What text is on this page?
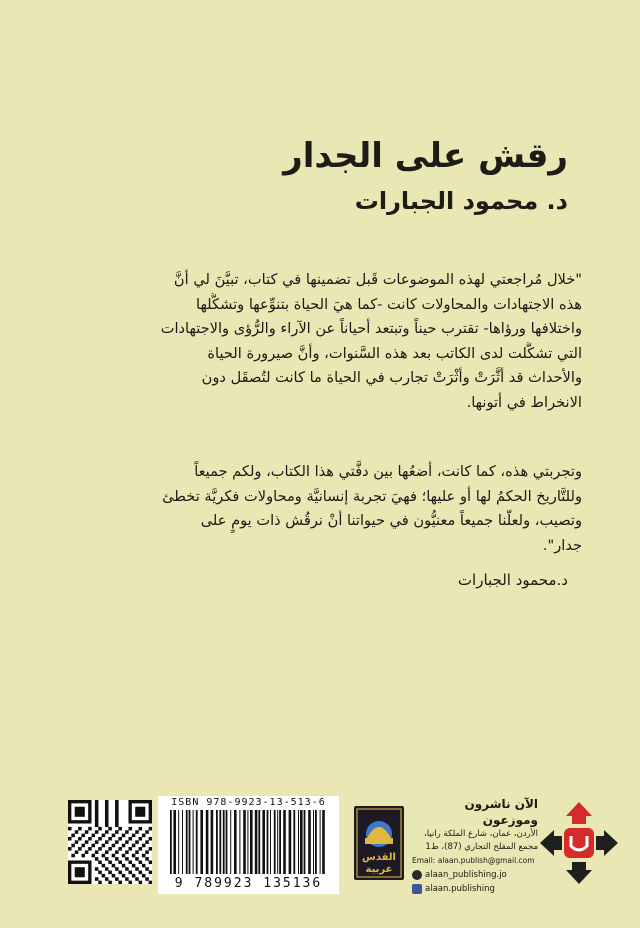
رقش على الجدار
د. محمود الجبارات
"خلال مُراجعتي لهذه الموضوعات قَبل تضمينها في كتاب، تبيَّنَ لي أنَّ
هذه الاجتهادات والمحاولات كانت -كما هيَ الحياة بتنوِّعها وتشكُّلها
واختلافها ورؤاها- تقترب حيناً وتبتعد أحياناً عن الآراء والرُّؤى والاجتهادات
التي تشكَّلت لدى الكاتب بعد هذه السَّنوات، وأنَّ صيرورة الحياة
والأحداث قد أثَّرَتْ وأثْرَتْ تجارب في الحياة ما كانت لتُصقَل دون
الانخراط في أتونها.
وتجربتي هذه، كما كانت، أضعُها بين دفَّتي هذا الكتاب، ولكم جميعاً
وللتَّاريخ الحكمُ لها أو عليها؛ فهيَ تجربة إنسانيَّة ومحاولات فكريَّة تخطئ
وتصيب، ولعلَّنا جميعاً معنيُّون في حيواتنا أنْ نرقُش ذات يومٍ على
جدار".
د.محمود الجبارات
ISBN 978-9923-13-513-6
9 789923 135136
القدس عربية
الآن ناشرون وموزعون
الأردن، عمان، شارع الملكة رانيا،
مجمع المفلح التجاري (87)، ط1
Email: alaan.publish@gmail.com
alaan_publishing.jo
alaan.publishing
